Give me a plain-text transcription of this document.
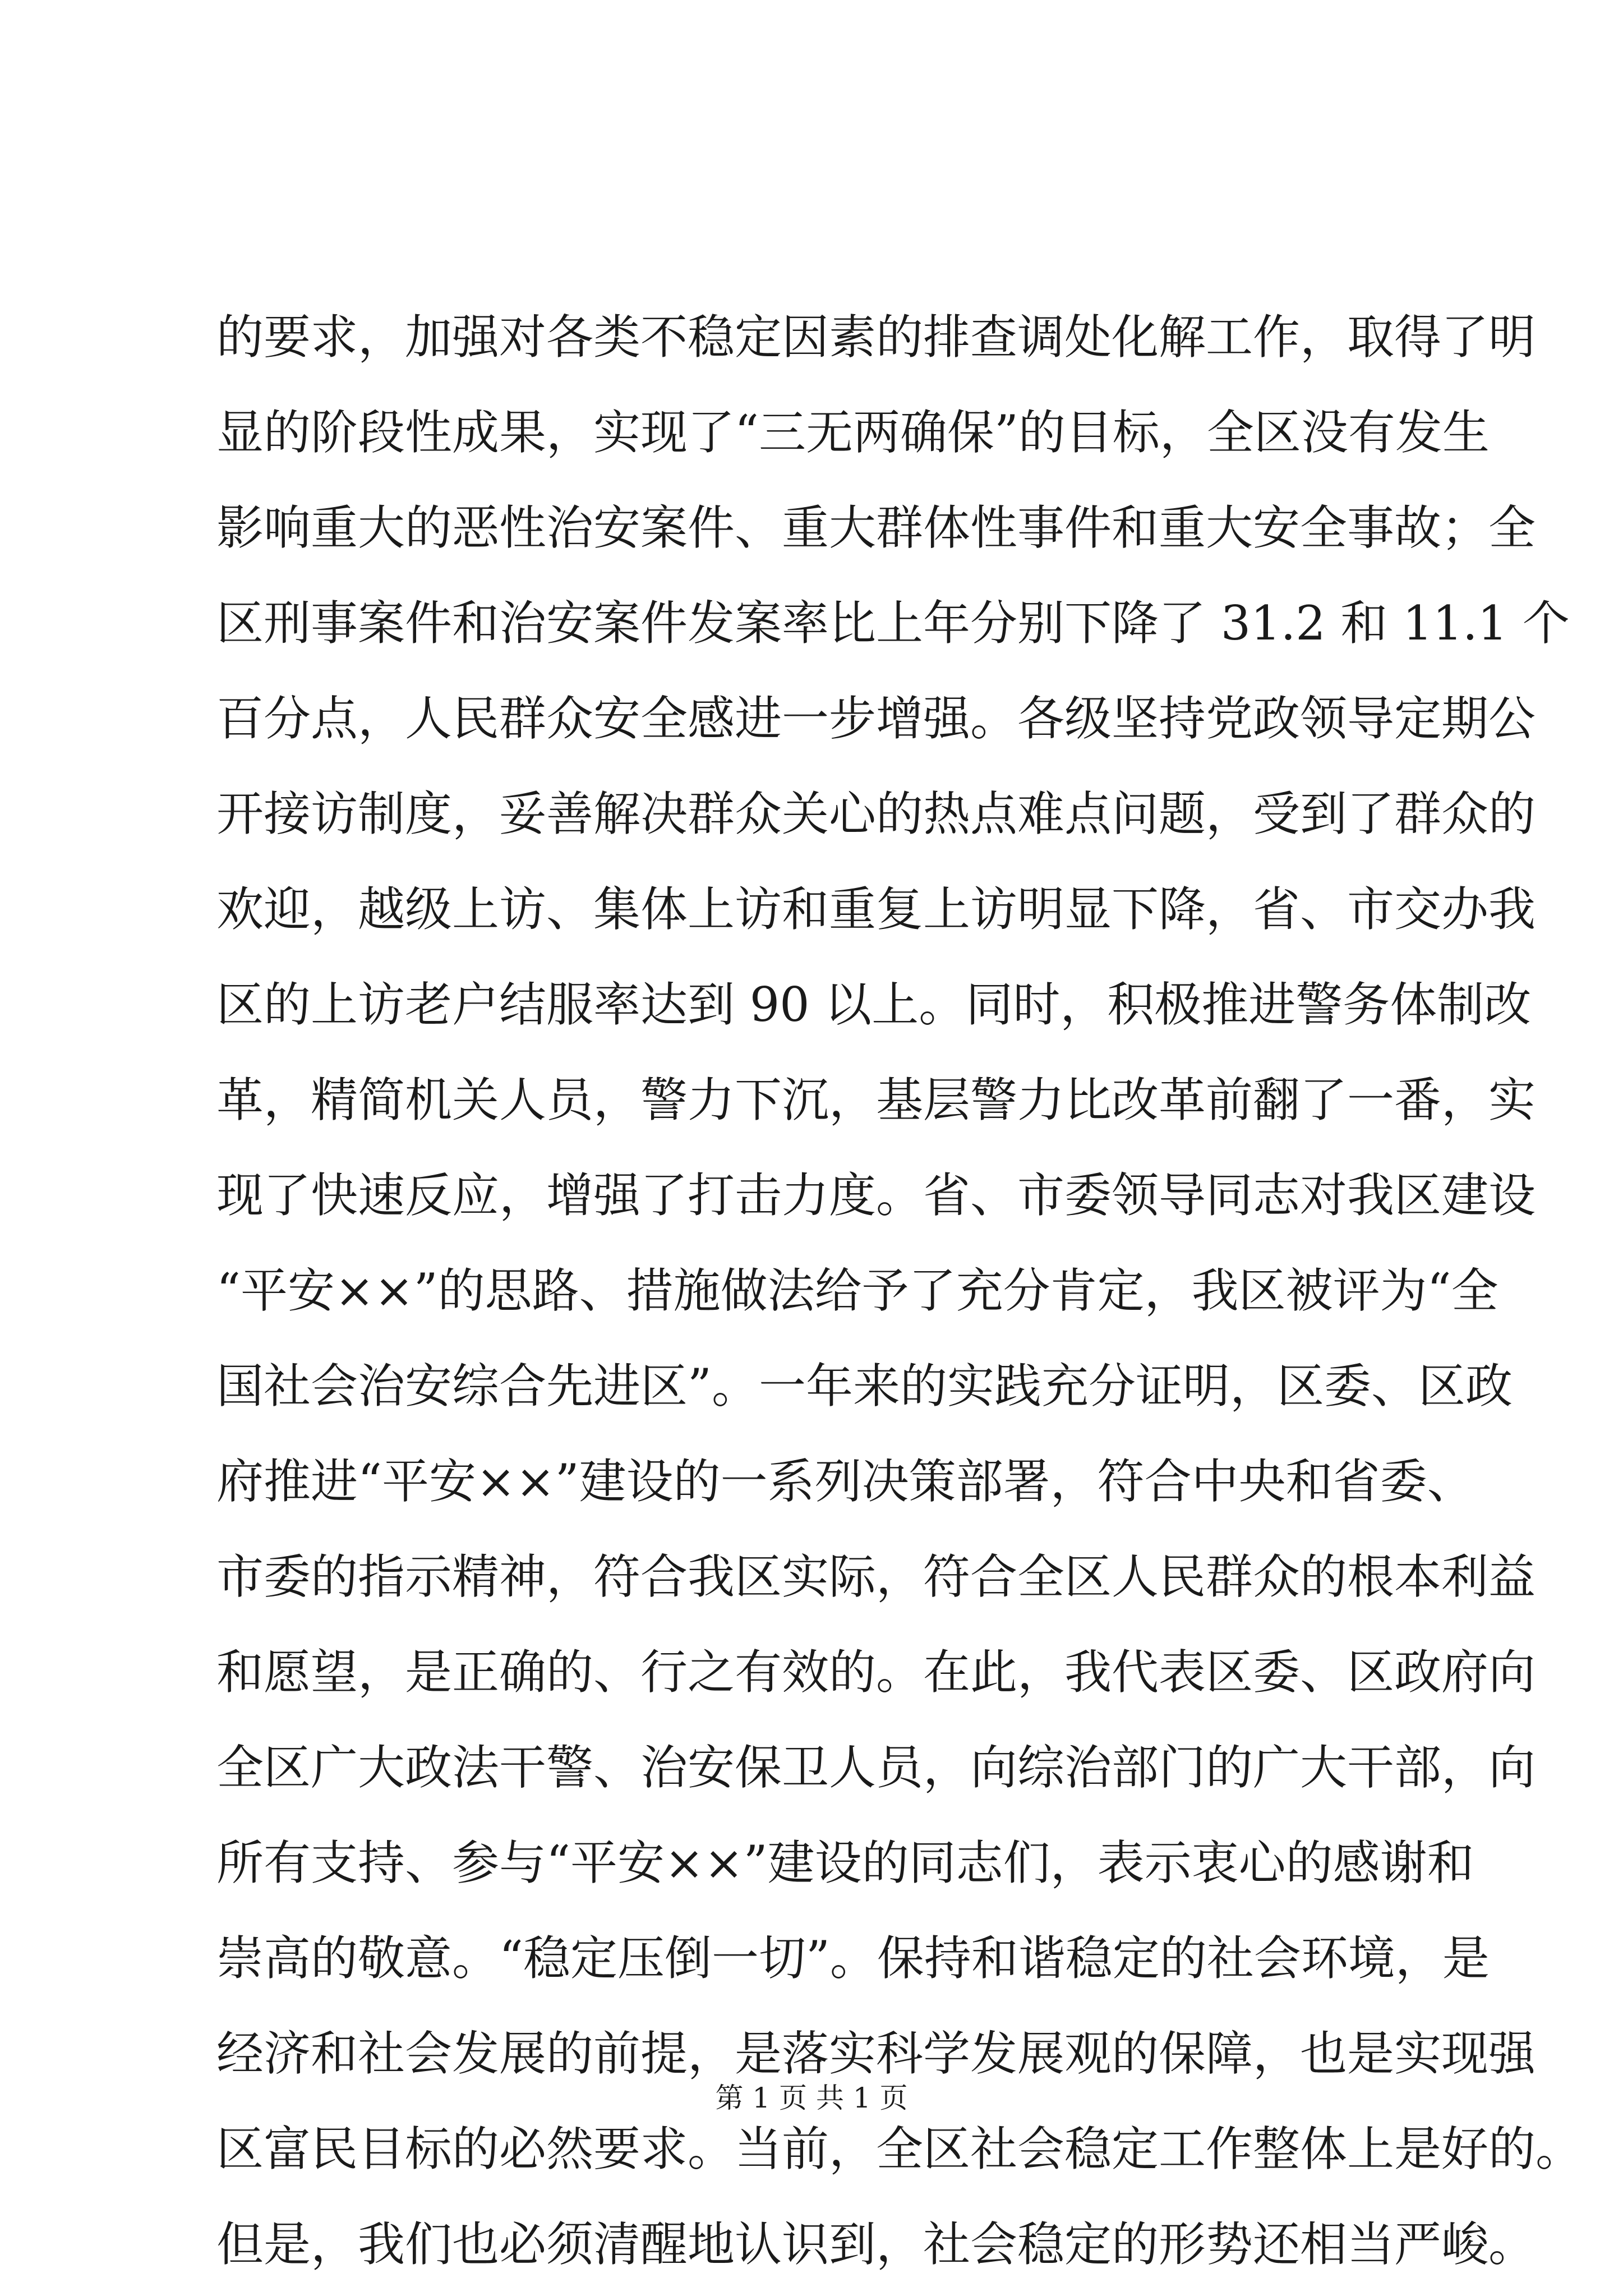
的要求，加强对各类不稳定因素的排查调处化解工作，取得了明
显的阶段性成果，实现了“三无两确保”的目标，全区没有发生
影响重大的恶性治安案件、重大群体性事件和重大安全事故；全
区刑事案件和治安案件发案率比上年分别下降了 31.2 和 11.1 个
百分点，人民群众安全感进一步增强。各级坚持党政领导定期公
开接访制度，妥善解决群众关心的热点难点问题，受到了群众的
欢迎，越级上访、集体上访和重复上访明显下降，省、市交办我
区的上访老户结服率达到 90 以上。同时，积极推进警务体制改
革，精简机关人员，警力下沉，基层警力比改革前翻了一番，实
现了快速反应，增强了打击力度。省、市委领导同志对我区建设
“平安××”的思路、措施做法给予了充分肯定，我区被评为“全
国社会治安综合先进区”。一年来的实践充分证明，区委、区政
府推进“平安××”建设的一系列决策部署，符合中央和省委、
市委的指示精神，符合我区实际，符合全区人民群众的根本利益
和愿望，是正确的、行之有效的。在此，我代表区委、区政府向
全区广大政法干警、治安保卫人员，向综治部门的广大干部，向
所有支持、参与“平安××”建设的同志们，表示衷心的感谢和
崇高的敬意。“稳定压倒一切”。保持和谐稳定的社会环境，是
经济和社会发展的前提，是落实科学发展观的保障，也是实现强
区富民目标的必然要求。当前，全区社会稳定工作整体上是好的。
但是，我们也必须清醒地认识到，社会稳定的形势还相当严峻。
第 1 页 共 1 页
